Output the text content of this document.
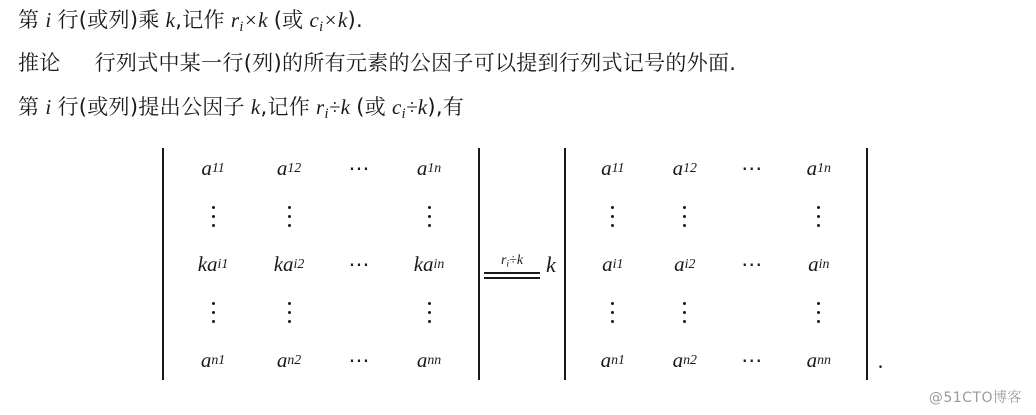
第 i 行(或列)乘 k,记作 $r_i\times k$ (或 $c_i\times k$).
推论 行列式中某一行(列)的所有元素的公因子可以提到行列式记号的外面.
第 i 行(或列)提出公因子 k,记作 $r_i\div k$ (或 $c_i\div k$),有
a 11 a 12 ⋯ a 1n
ka i1 ka i2 ⋯ ka in
a n1 a n2 ⋯ a nn
$r_i\div k$ k
a 11 a 12 ⋯ a 1n
a i1 a i2 ⋯ a in
a n1 a n2 ⋯ a nn .
@51CTO博客
